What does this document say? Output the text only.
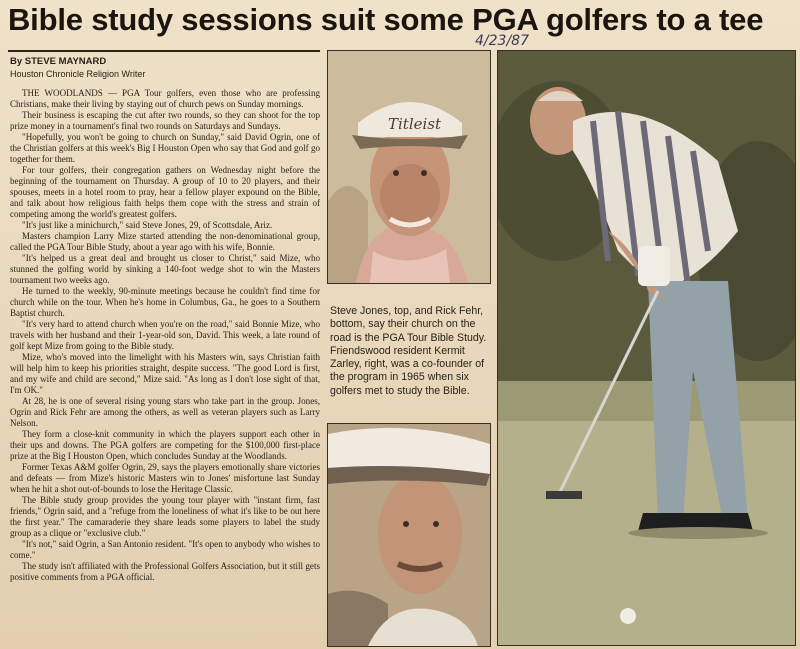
Bible study sessions suit some PGA golfers to a tee
4/23/87
By STEVE MAYNARD
Houston Chronicle Religion Writer

THE WOODLANDS — PGA Tour golfers, even those who are professing Christians, make their living by staying out of church pews on Sunday mornings.

Their business is escaping the cut after two rounds, so they can shoot for the top prize money in a tournament's final two rounds on Saturdays and Sundays.

"Hopefully, you won't be going to church on Sunday," said David Ogrin, one of the Christian golfers at this week's Big I Houston Open who say that God and golf go together for them.

For tour golfers, their congregation gathers on Wednesday night before the beginning of the tournament on Thursday. A group of 10 to 20 players, and their spouses, meets in a hotel room to pray, hear a fellow player expound on the Bible, and talk about how religious faith helps them cope with the stress and strain of competing among the world's greatest golfers.

"It's just like a minichurch," said Steve Jones, 29, of Scottsdale, Ariz.

Masters champion Larry Mize started attending the non-denominational group, called the PGA Tour Bible Study, about a year ago with his wife, Bonnie.

"It's helped us a great deal and brought us closer to Christ," said Mize, who stunned the golfing world by sinking a 140-foot wedge shot to win the Masters tournament two weeks ago.

He turned to the weekly, 90-minute meetings because he couldn't find time for church while on the tour. When he's home in Columbus, Ga., he goes to a Southern Baptist church.

"It's very hard to attend church when you're on the road," said Bonnie Mize, who travels with her husband and their 1-year-old son, David. This week, a late round of golf kept Mize from going to the Bible study.

Mize, who's moved into the limelight with his Masters win, says Christian faith will help him to keep his priorities straight, despite success. "The good Lord is first, and my wife and child are second," Mize said. "As long as I don't lose sight of that, I'm OK."

At 28, he is one of several rising young stars who take part in the group. Jones, Ogrin and Rick Fehr are among the others, as well as veteran players such as Larry Nelson.

They form a close-knit community in which the players support each other in their ups and downs. The PGA golfers are competing for the $100,000 first-place prize at the Big I Houston Open, which concludes Sunday at the Woodlands.

Former Texas A&M golfer Ogrin, 29, says the players emotionally share victories and defeats — from Mize's historic Masters win to Jones' misfortune last Sunday when he hit a shot out-of-bounds to lose the Heritage Classic.

The Bible study group provides the young tour player with "instant firm, fast friends," Ogrin said, and a "refuge from the loneliness of what it's like to be out here the first year." The camaraderie they share leads some players to label the study group as a clique or "exclusive club."

"It's not," said Ogrin, a San Antonio resident. "It's open to anybody who wishes to come."

The study isn't affiliated with the Professional Golfers Association, but it still gets positive comments from a PGA official.

Titleist
Steve Jones, top, and Rick Fehr, bottom, say their church on the road is the PGA Tour Bible Study. Friendswood resident Kermit Zarley, right, was a co-founder of the program in 1965 when six golfers met to study the Bible.
